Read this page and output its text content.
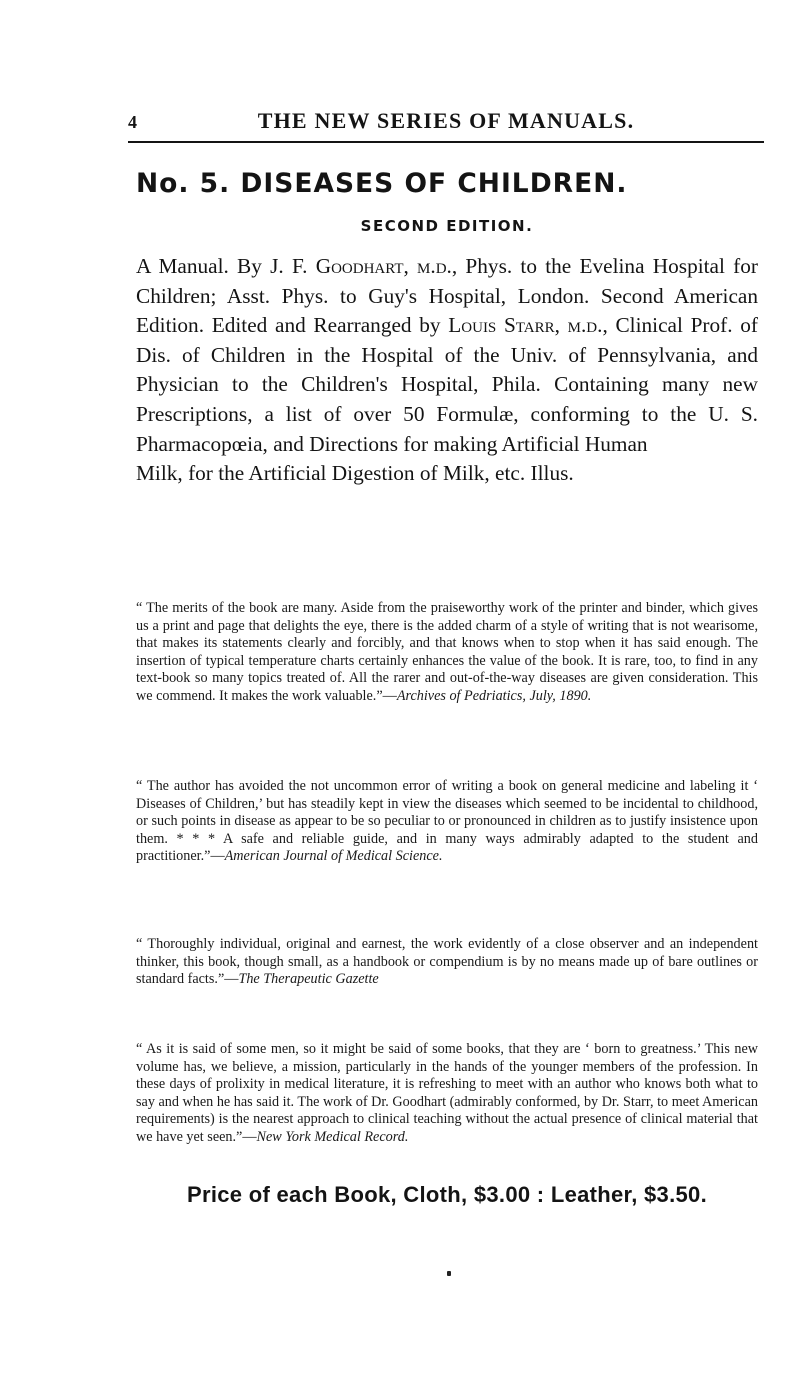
4	THE NEW SERIES OF MANUALS.
No. 5. DISEASES OF CHILDREN.
SECOND EDITION.

A Manual. By J. F. Goodhart, m.d., Phys. to the Evelina Hospital for Children; Asst. Phys. to Guy's Hospital, London. Second American Edition. Edited and Rearranged by Louis Starr, m.d., Clinical Prof. of Dis. of Children in the Hospital of the Univ. of Pennsylvania, and Physician to the Children's Hospital, Phila. Containing many new Prescriptions, a list of over 50 Formulæ, conforming to the U. S. Pharmacopœia, and Directions for making Artificial Human
Milk, for the Artificial Digestion of Milk, etc. Illus.

“ The merits of the book are many. Aside from the praiseworthy work of the printer and binder, which gives us a print and page that delights the eye, there is the added charm of a style of writing that is not wearisome, that makes its statements clearly and forcibly, and that knows when to stop when it has said enough. The insertion of typical temperature charts certainly enhances the value of the book. It is rare, too, to find in any text-book so many topics treated of. All the rarer and out-of-the-way diseases are given consideration. This we commend. It makes the work valuable.”—Archives of Pedriatics, July, 1890.

“ The author has avoided the not uncommon error of writing a book on general medicine and labeling it ‘ Diseases of Children,’ but has steadily kept in view the diseases which seemed to be incidental to childhood, or such points in disease as appear to be so peculiar to or pronounced in children as to justify insistence upon them. * * * A safe and reliable guide, and in many ways admirably adapted to the student and practitioner.”—American Journal of Medical Science.

“ Thoroughly individual, original and earnest, the work evidently of a close observer and an independent thinker, this book, though small, as a handbook or compendium is by no means made up of bare outlines or standard facts.”—The Therapeutic Gazette

“ As it is said of some men, so it might be said of some books, that they are ‘ born to greatness.’ This new volume has, we believe, a mission, particularly in the hands of the younger members of the profession. In these days of prolixity in medical literature, it is refreshing to meet with an author who knows both what to say and when he has said it. The work of Dr. Goodhart (admirably conformed, by Dr. Starr, to meet American requirements) is the nearest approach to clinical teaching without the actual presence of clinical material that we have yet seen.”—New York Medical Record.

Price of each Book, Cloth, $3.00 : Leather, $3.50.
